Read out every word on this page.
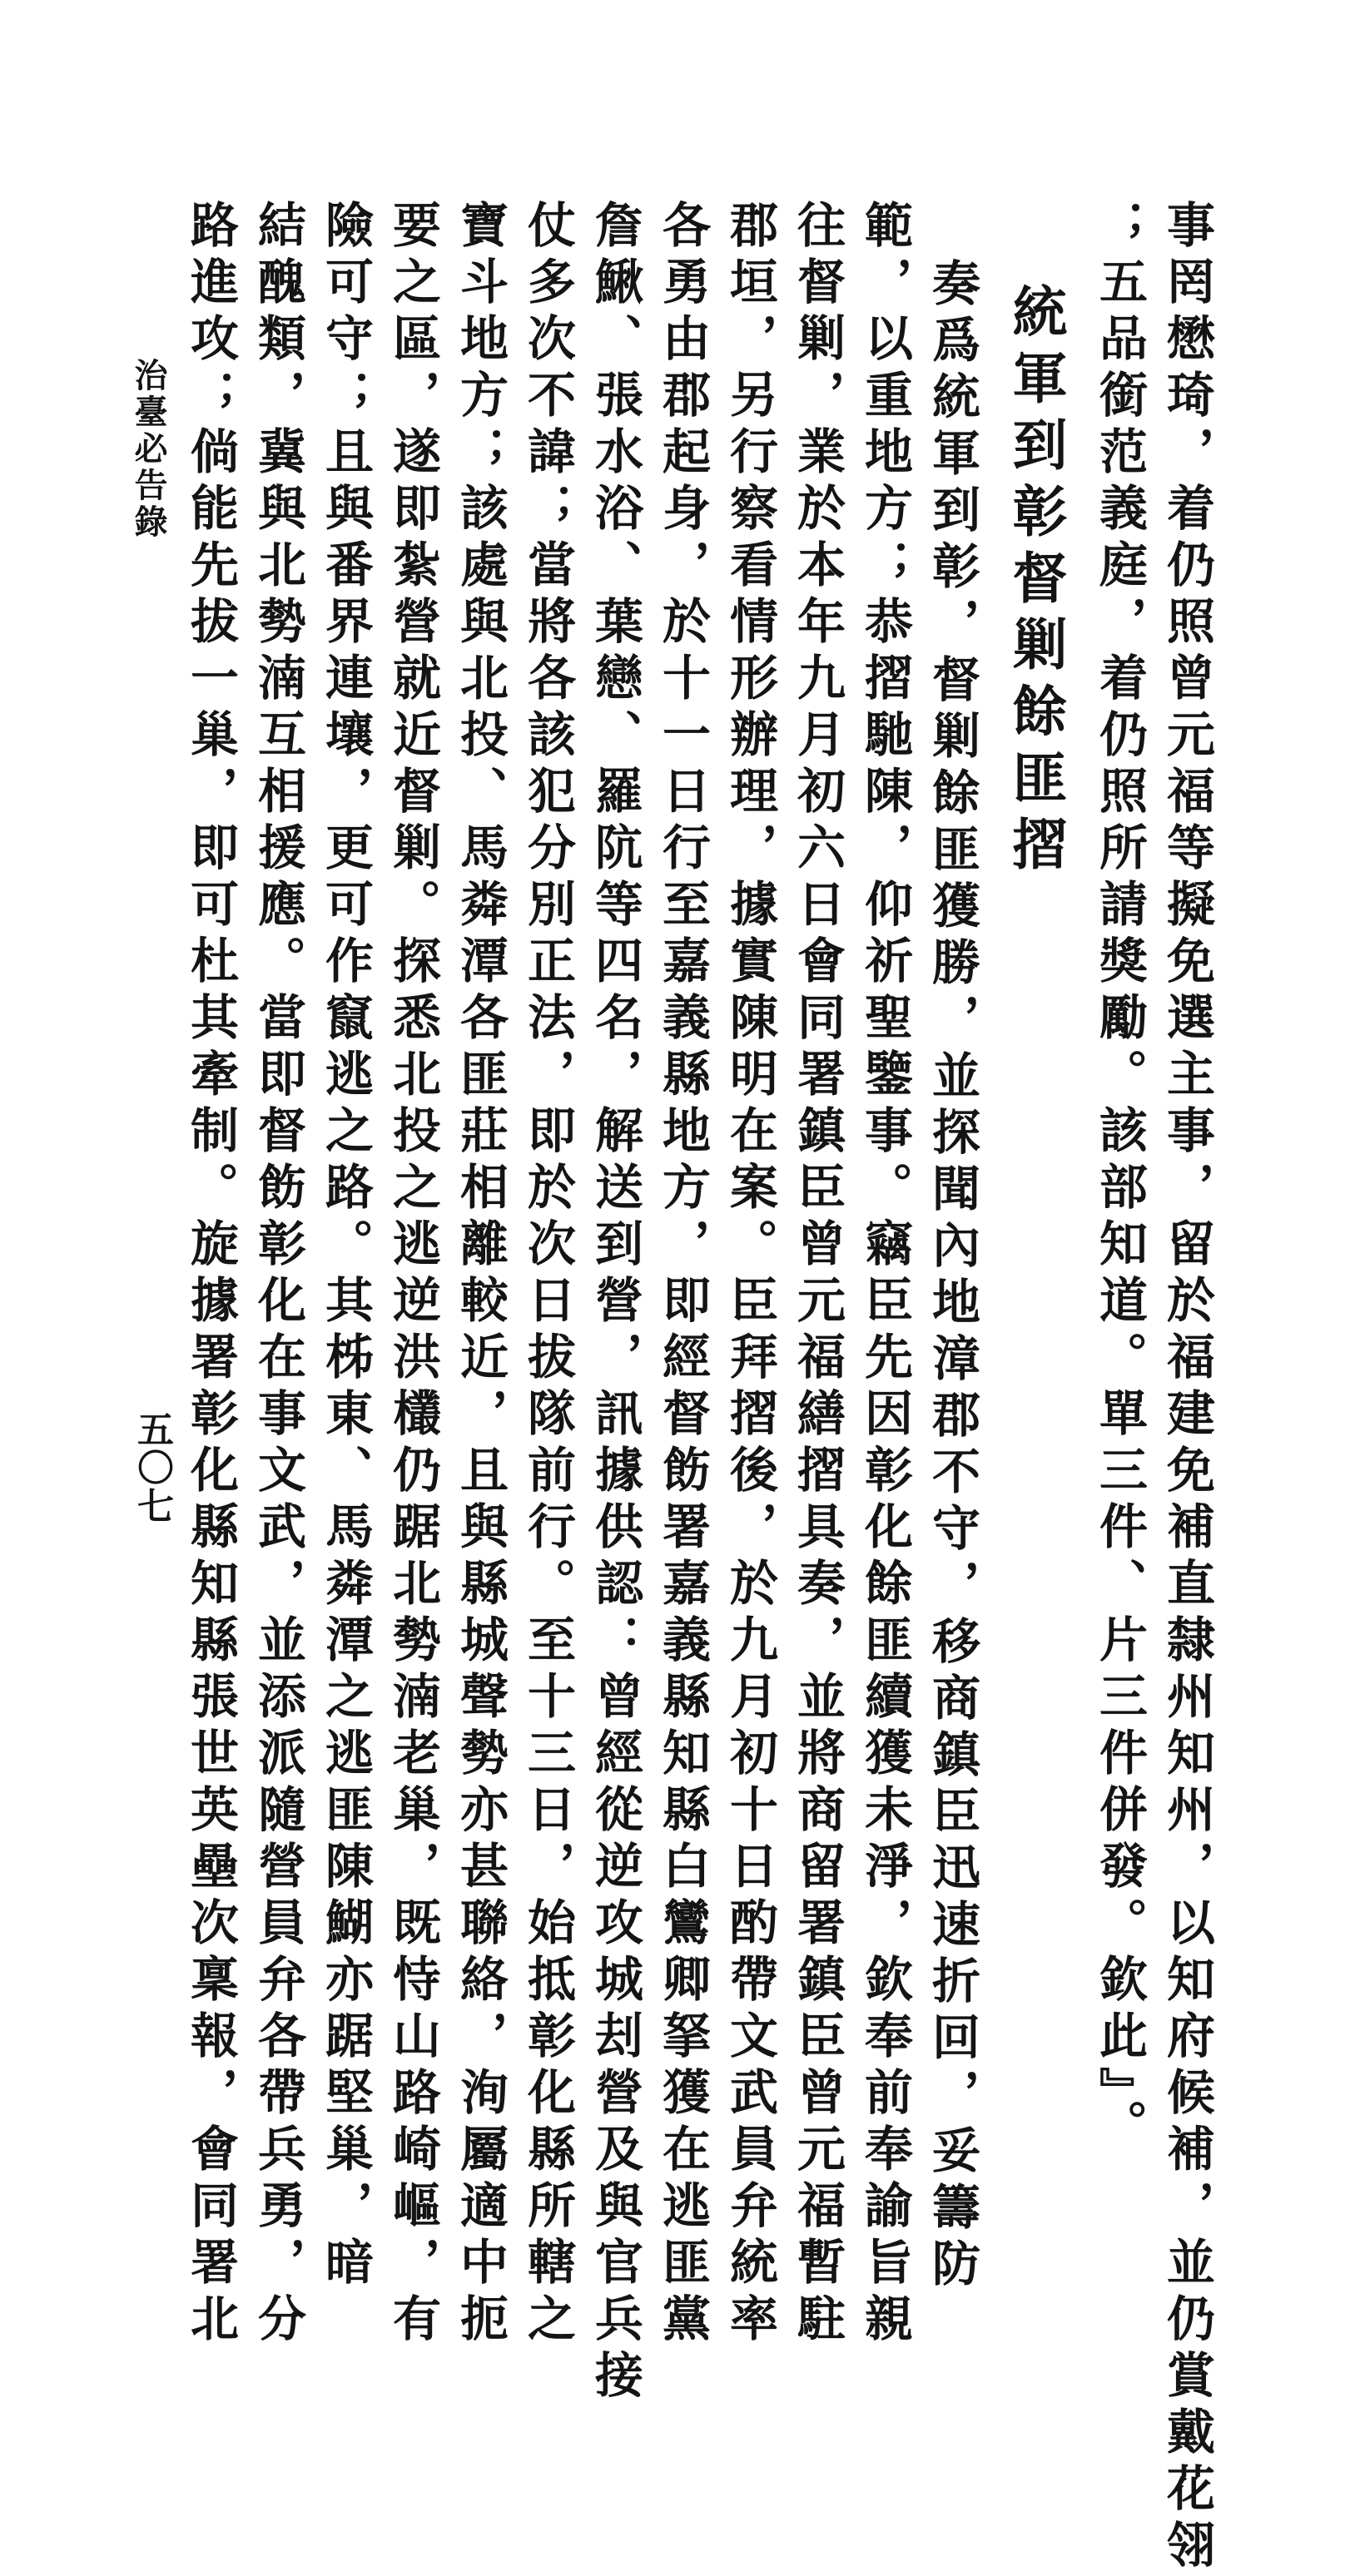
事罔懋琦，着仍照曾元福等擬免選主事，留於福建免補直隸州知州，以知府候補，並仍賞戴花翎
；五品銜范義庭，着仍照所請獎勵。該部知道。單三件、片三件併發。欽此』。
統軍到彰督剿餘匪摺
奏爲統軍到彰，督剿餘匪獲勝，並探聞內地漳郡不守，移商鎮臣迅速折回，妥籌防
範，以重地方；恭摺馳陳，仰祈聖鑒事。竊臣先因彰化餘匪續獲未淨，欽奉前奉諭旨親
往督剿，業於本年九月初六日會同署鎮臣曾元福繕摺具奏，並將商留署鎮臣曾元福暫駐
郡垣，另行察看情形辦理，據實陳明在案。臣拜摺後，於九月初十日酌帶文武員弁統率
各勇由郡起身，於十一日行至嘉義縣地方，即經督飭署嘉義縣知縣白鸞卿拏獲在逃匪黨
詹鰍、張水浴、葉戀、羅阬等四名，解送到營，訊據供認：曾經從逆攻城刦營及與官兵接
仗多次不諱；當將各該犯分別正法，即於次日拔隊前行。至十三日，始抵彰化縣所轄之
寶斗地方；該處與北投、馬粦潭各匪莊相離較近，且與縣城聲勢亦甚聯絡，洵屬適中扼
要之區，遂即紮營就近督剿。探悉北投之逃逆洪欉仍踞北勢湳老巢，既恃山路崎嶇，有
險可守；且與番界連壤，更可作竄逃之路。其柹東、馬粦潭之逃匪陳鰗亦踞堅巢，暗
結醜類，冀與北勢湳互相援應。當即督飭彰化在事文武，並添派隨營員弁各帶兵勇，分
路進攻；倘能先拔一巢，即可杜其牽制。旋據署彰化縣知縣張世英壘次稟報，會同署北
治臺必告錄
五〇七
